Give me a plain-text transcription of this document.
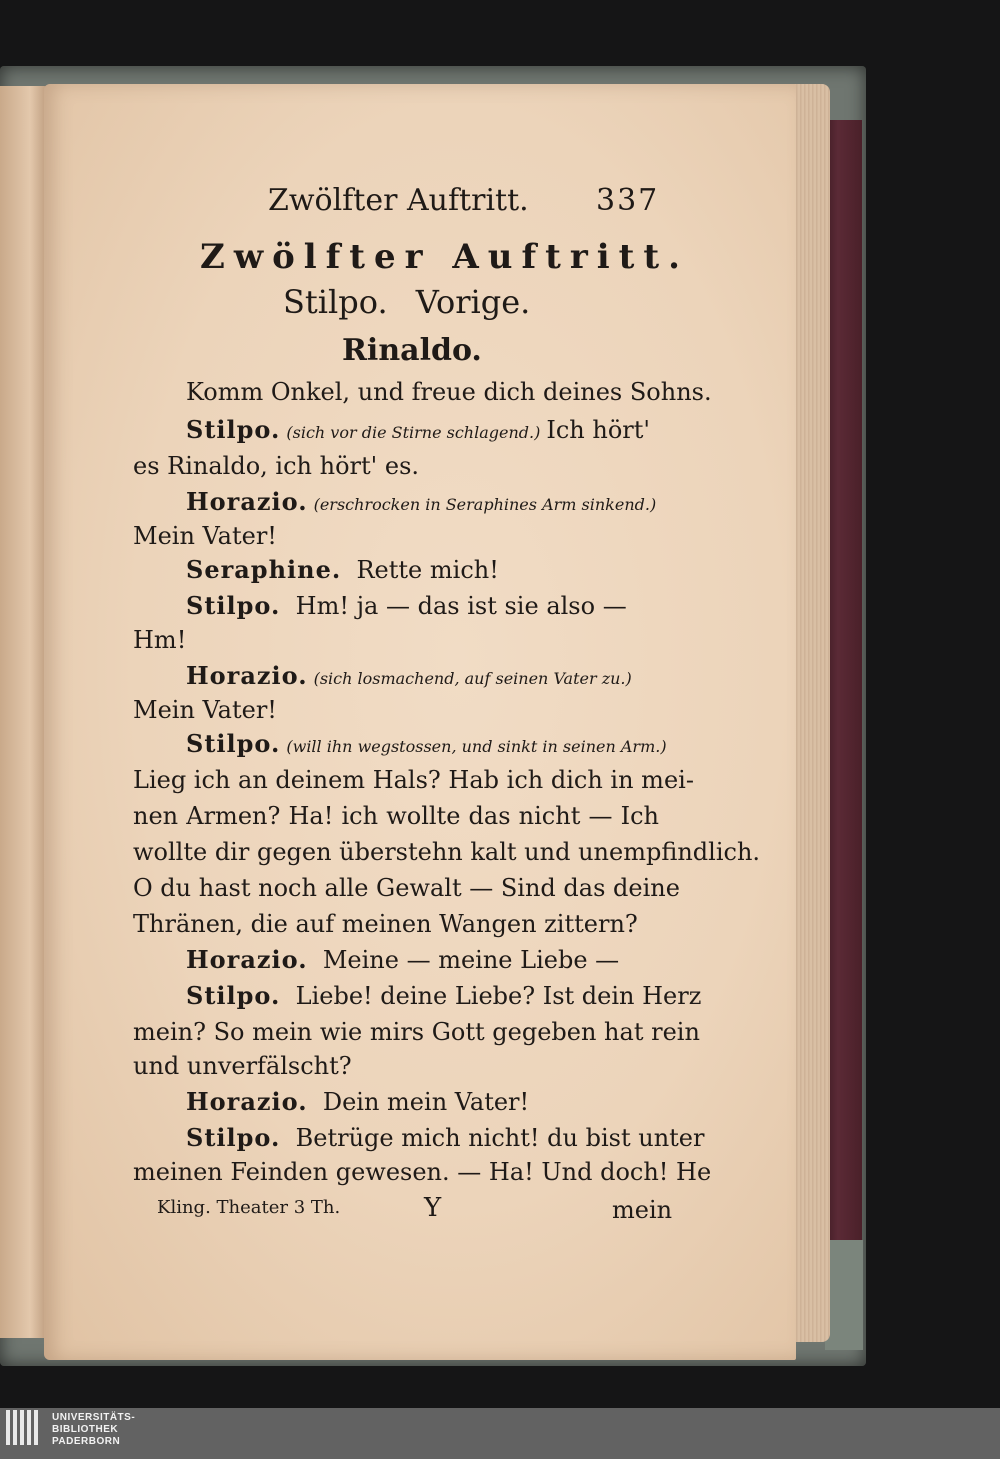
Zwölfter Auftritt. 337
Zwölfter Auftritt.
Stilpo. Vorige.
Rinaldo.
Komm Onkel, und freue dich deines Sohns.
Stilpo. (sich vor die Stirne schlagend.) Ich hört'
es Rinaldo, ich hört' es.
Horazio. (erschrocken in Seraphines Arm sinkend.)
Mein Vater!
Seraphine. Rette mich!
Stilpo. Hm! ja — das ist sie also —
Hm!
Horazio. (sich losmachend, auf seinen Vater zu.)
Mein Vater!
Stilpo. (will ihn wegstossen, und sinkt in seinen Arm.)
Lieg ich an deinem Hals? Hab ich dich in mei-
nen Armen? Ha! ich wollte das nicht — Ich
wollte dir gegen überstehn kalt und unempfindlich.
O du hast noch alle Gewalt — Sind das deine
Thränen, die auf meinen Wangen zittern?
Horazio. Meine — meine Liebe —
Stilpo. Liebe! deine Liebe? Ist dein Herz
mein? So mein wie mirs Gott gegeben hat rein
und unverfälscht?
Horazio. Dein mein Vater!
Stilpo. Betrüge mich nicht! du bist unter
meinen Feinden gewesen. — Ha! Und doch! He
Kling. Theater 3 Th.	Y	mein
UNIVERSITÄTS-
BIBLIOTHEK
PADERBORN
